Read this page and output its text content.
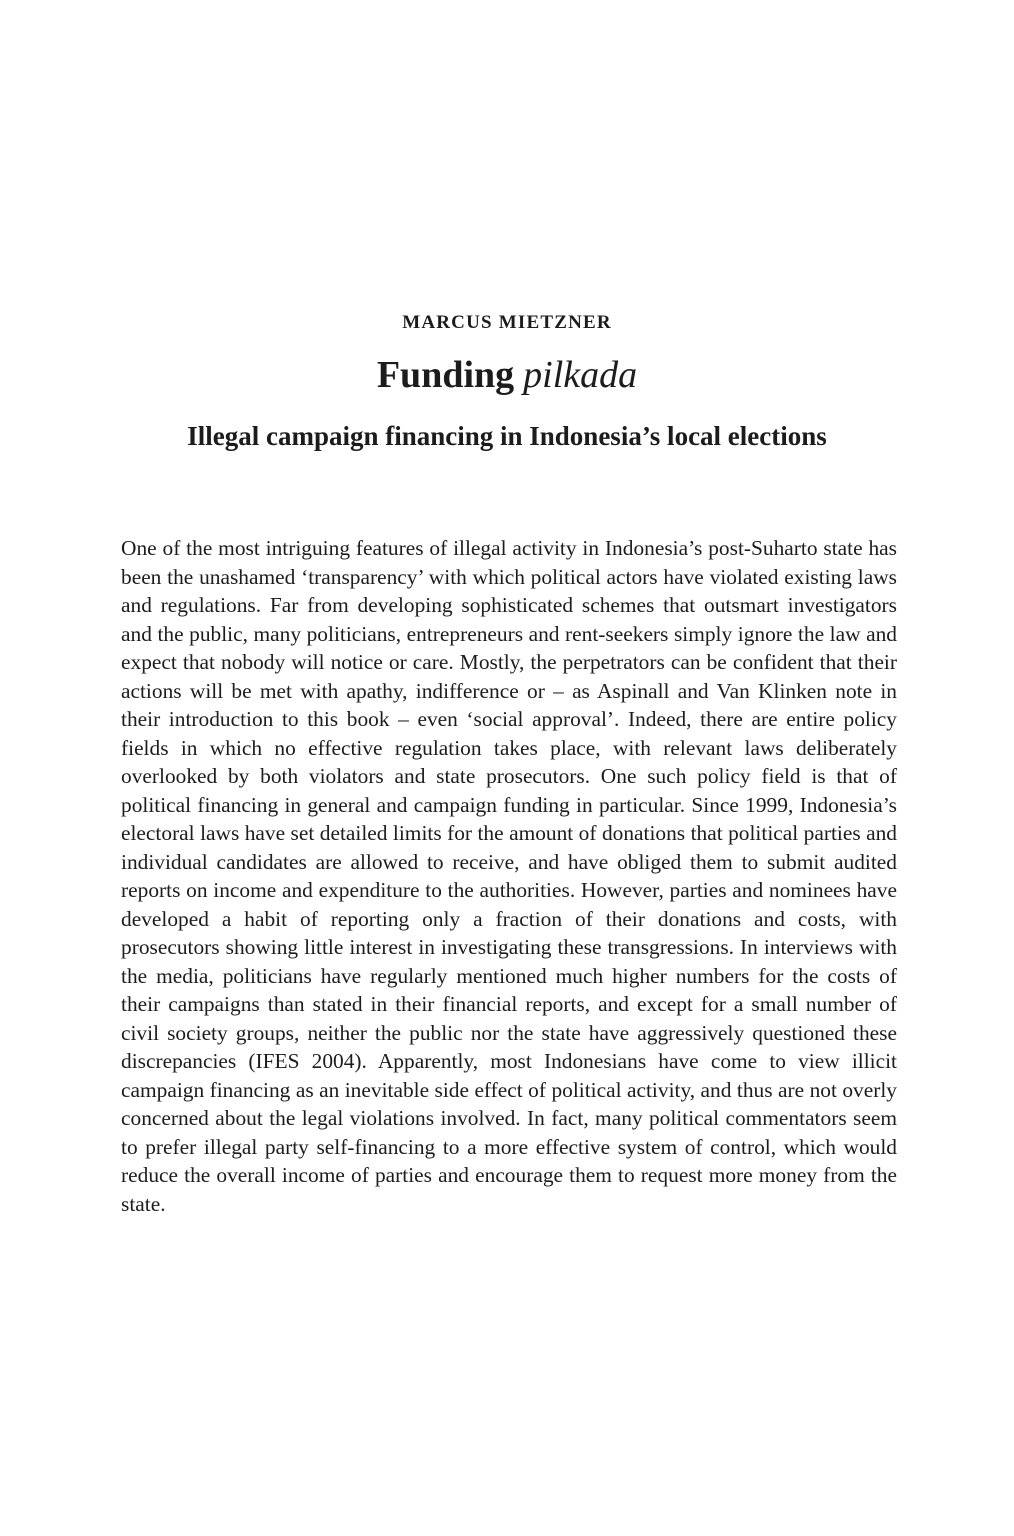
MARCUS MIETZNER
Funding pilkada
Illegal campaign financing in Indonesia’s local elections

One of the most intriguing features of illegal activity in Indonesia’s post-Suharto state has been the unashamed ‘transparency’ with which political actors have violated existing laws and regulations. Far from developing sophisticated schemes that outsmart investigators and the public, many politicians, entrepreneurs and rent-seekers simply ignore the law and expect that nobody will notice or care. Mostly, the perpetrators can be confident that their actions will be met with apathy, indifference or – as Aspinall and Van Klinken note in their introduction to this book – even ‘social approval’. Indeed, there are entire policy fields in which no effective regulation takes place, with relevant laws deliberately overlooked by both violators and state prosecutors. One such policy field is that of political financing in general and campaign funding in particular. Since 1999, Indonesia’s electoral laws have set detailed limits for the amount of donations that political parties and individual candidates are allowed to receive, and have obliged them to submit audited reports on income and expenditure to the authorities. However, parties and nominees have developed a habit of reporting only a fraction of their donations and costs, with prosecutors showing little interest in investigating these transgressions. In interviews with the media, politicians have regularly mentioned much higher numbers for the costs of their campaigns than stated in their financial reports, and except for a small number of civil society groups, neither the public nor the state have aggressively questioned these discrepancies (IFES 2004). Apparently, most Indonesians have come to view illicit campaign financing as an inevitable side effect of political activity, and thus are not overly concerned about the legal violations involved. In fact, many political commentators seem to prefer illegal party self-financing to a more effective system of control, which would reduce the overall income of parties and encourage them to request more money from the state.
